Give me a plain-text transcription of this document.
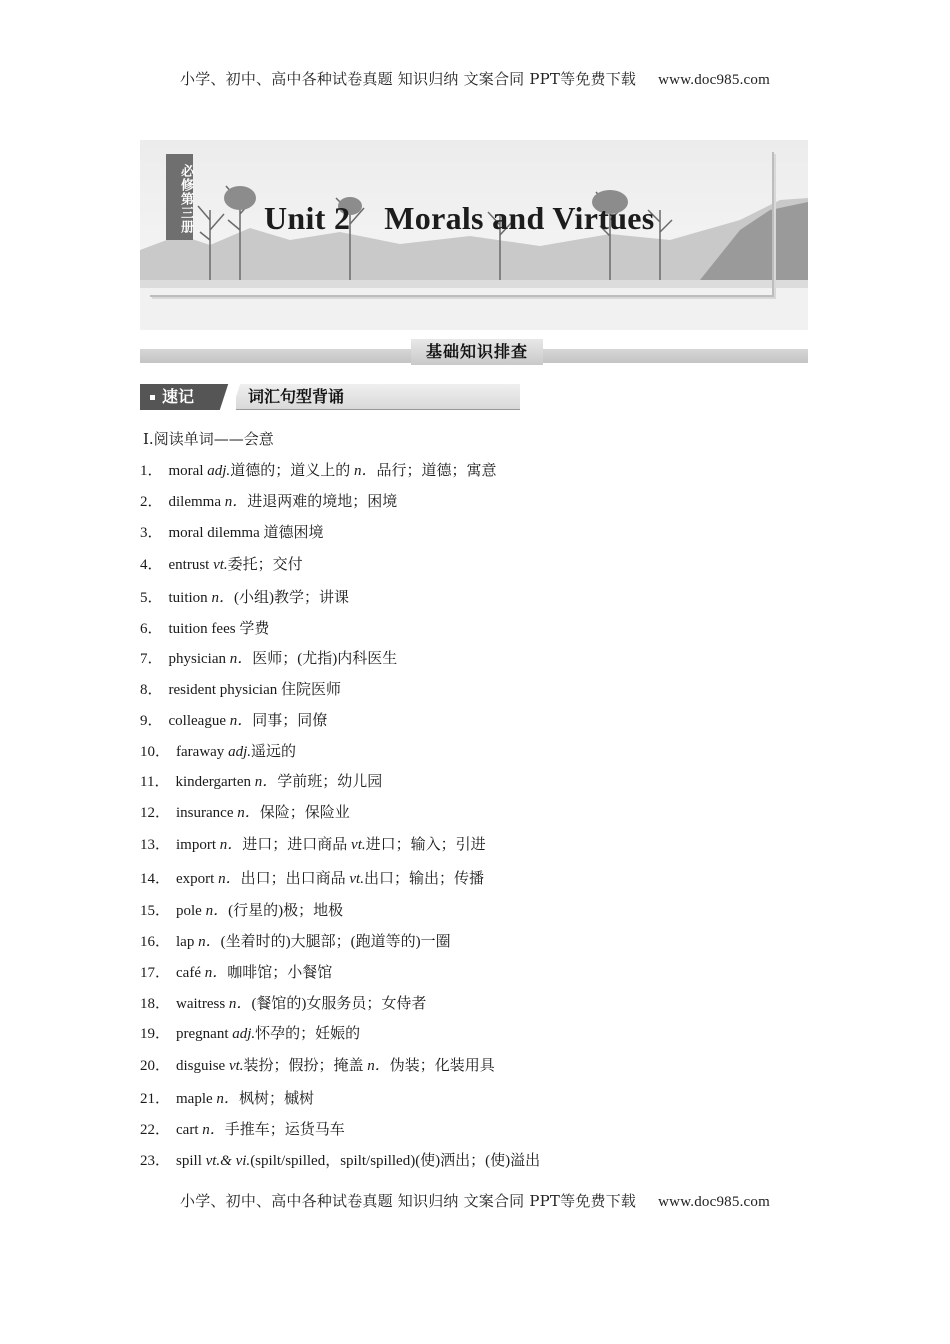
小学、初中、高中各种试卷真题 知识归纳 文案合同 PPT等免费下载 www.doc985.com
必修第三册 Unit 2 Morals and Virtues
基础知识排查
速记	词汇句型背诵
Ⅰ.阅读单词——会意
1． moral adj.道德的；道义上的 n．品行；道德；寓意
2． dilemma n．进退两难的境地；困境
3． moral dilemma 道德困境
4． entrust vt.委托；交付
5． tuition n．(小组)教学；讲课
6． tuition fees 学费
7． physician n．医师；(尤指)内科医生
8． resident physician 住院医师
9． colleague n．同事；同僚
10． faraway adj.遥远的
11． kindergarten n．学前班；幼儿园
12． insurance n．保险；保险业
13． import n．进口；进口商品 vt.进口；输入；引进
14． export n．出口；出口商品 vt.出口；输出；传播
15． pole n．(行星的)极；地极
16． lap n．(坐着时的)大腿部；(跑道等的)一圈
17． café n．咖啡馆；小餐馆
18． waitress n．(餐馆的)女服务员；女侍者
19． pregnant adj.怀孕的；妊娠的
20． disguise vt.装扮；假扮；掩盖 n．伪装；化装用具
21． maple n．枫树；槭树
22． cart n．手推车；运货马车
23． spill vt.& vi.(spilt/spilled，spilt/spilled)(使)洒出；(使)溢出
小学、初中、高中各种试卷真题 知识归纳 文案合同 PPT等免费下载 www.doc985.com
